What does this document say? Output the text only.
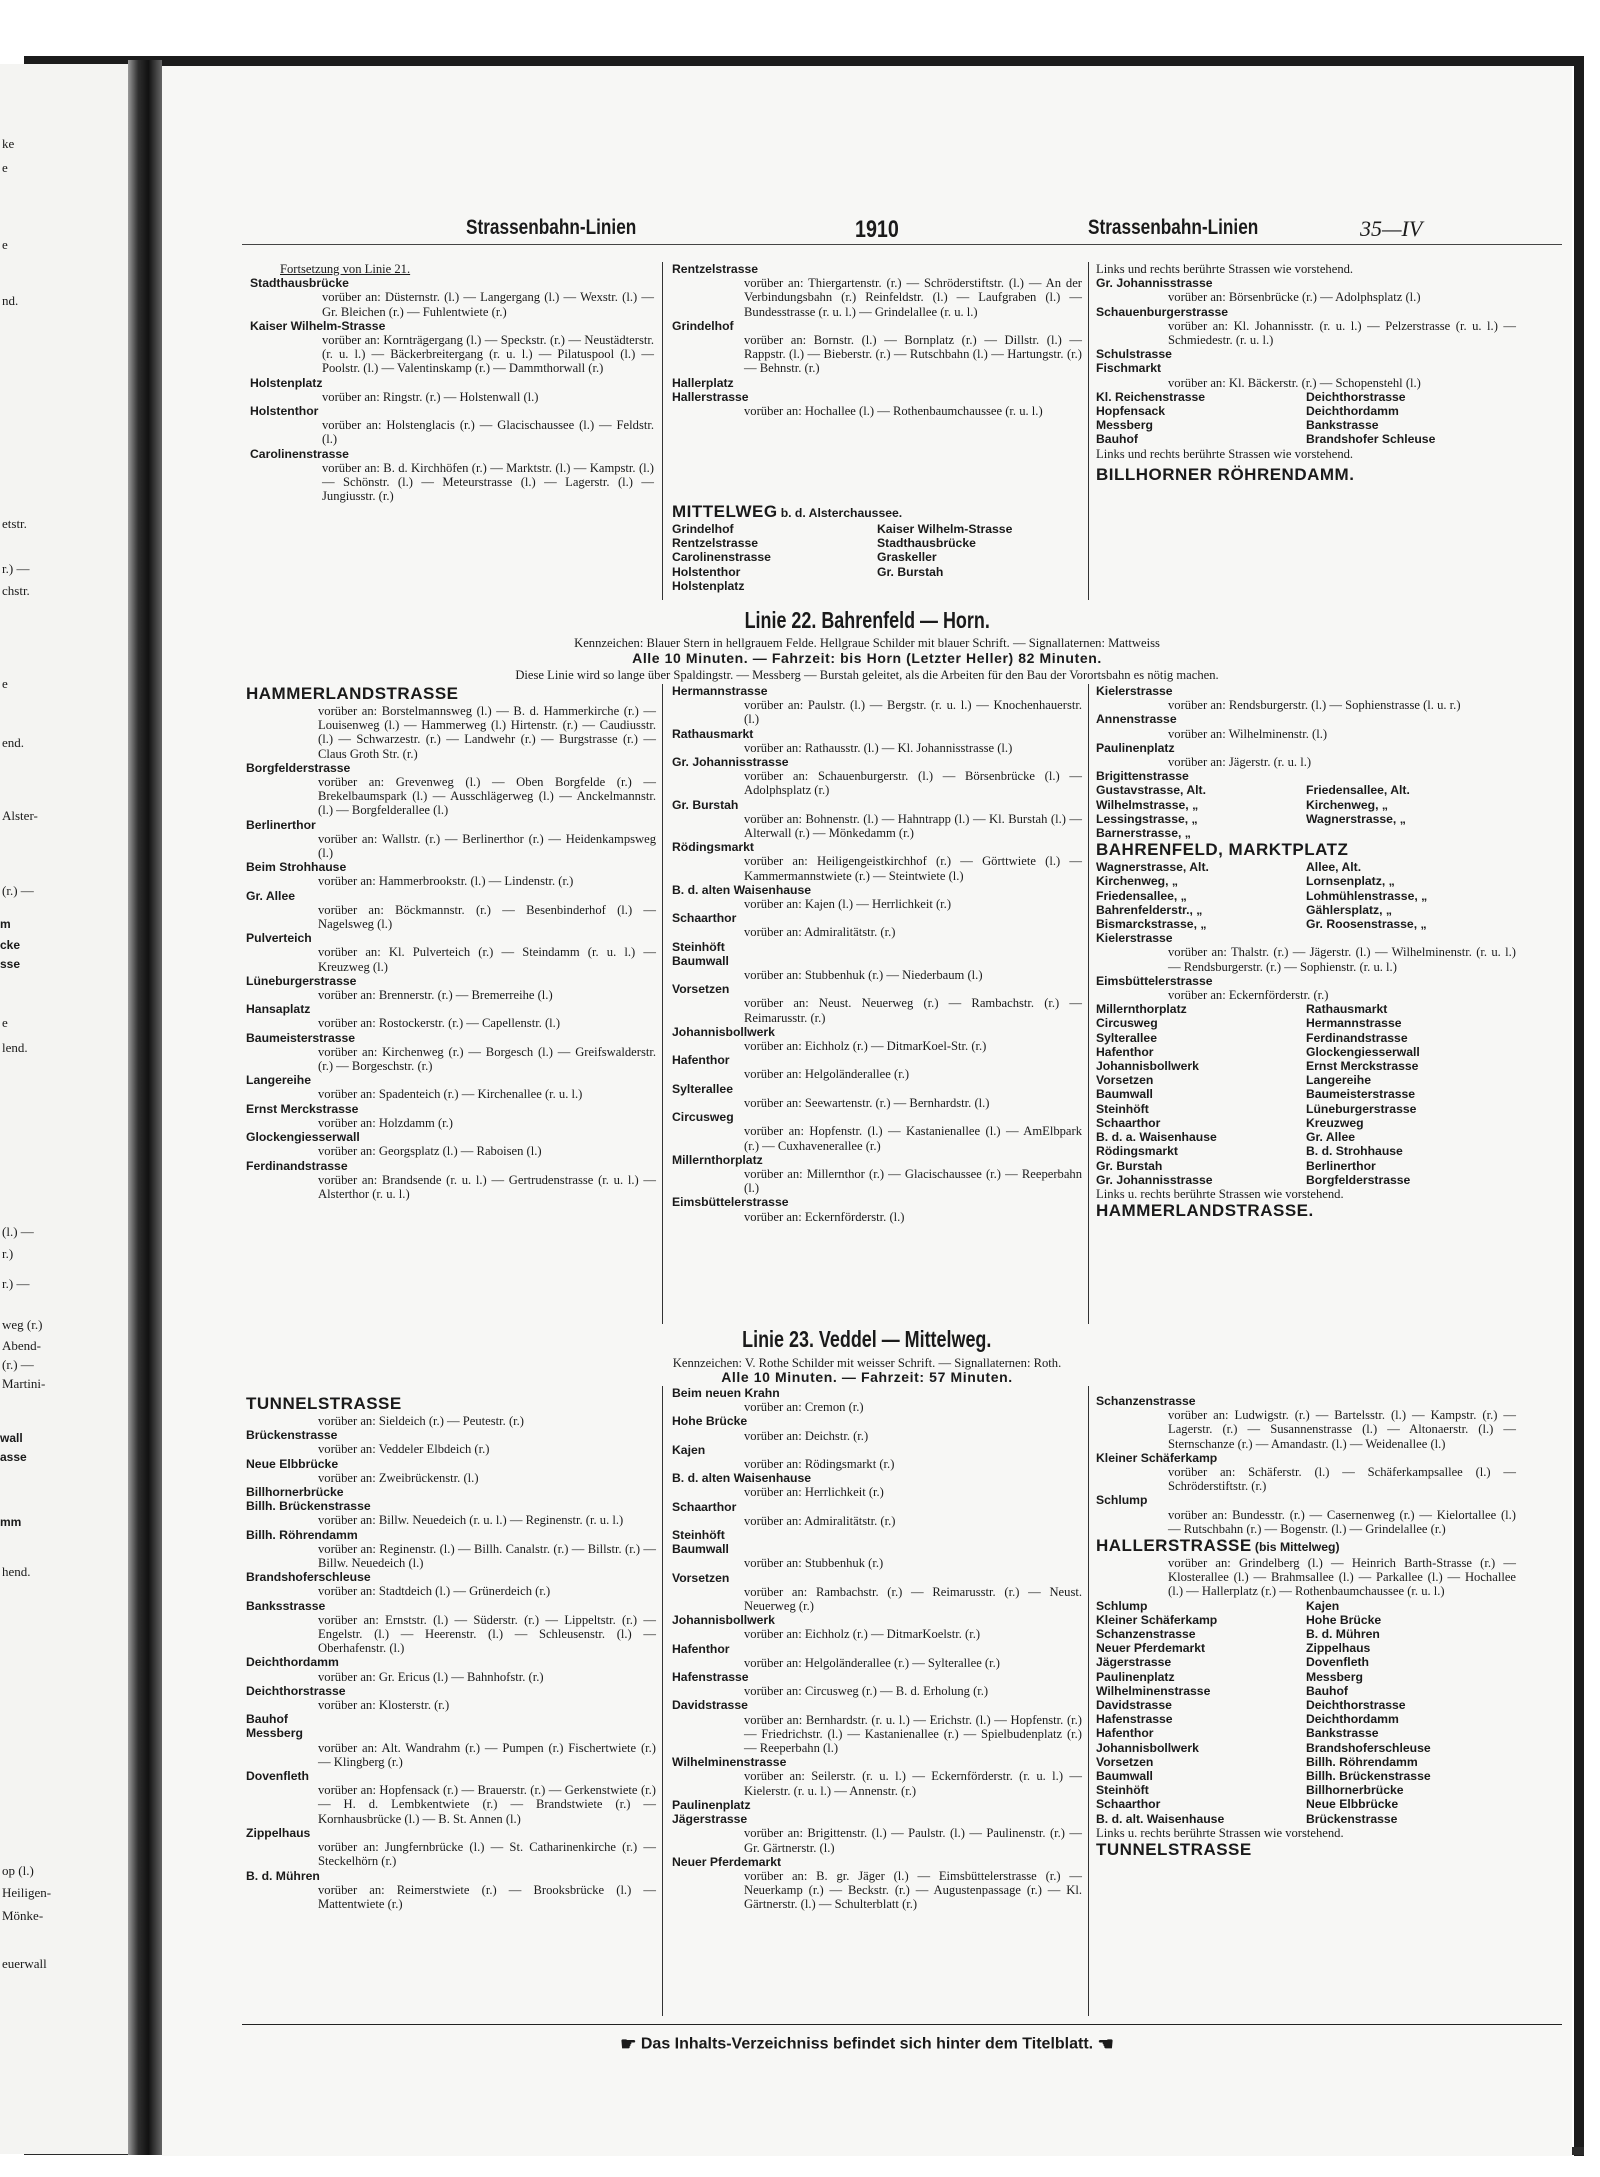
ke
e
e
nd.
etstr.
r.) —
chstr.
e
end.
Alster-
(r.) —
m
cke
sse
e
lend.
(l.) —
r.)
r.) —
weg (r.)
Abend-
(r.) —
Martini-
wall
asse
mm
hend.
op (l.)
Heiligen-
Mönke-
euerwall
Strassenbahn-Linien	1910	Strassenbahn-Linien	35—IV
Fortsetzung von Linie 21.
Stadthausbrücke
vorüber an: Düsternstr. (l.) — Langergang (l.) — Wexstr. (l.) — Gr. Bleichen (r.) — Fuhlentwiete (r.)
Kaiser Wilhelm-Strasse
vorüber an: Kornträgergang (l.) — Speckstr. (r.) — Neustädterstr. (r. u. l.) — Bäckerbreitergang (r. u. l.) — Pilatuspool (l.) — Poolstr. (l.) — Valentinskamp (r.) — Dammthorwall (r.)
Holstenplatz
vorüber an: Ringstr. (r.) — Holstenwall (l.)
Holstenthor
vorüber an: Holstenglacis (r.) — Glacischaussee (l.) — Feldstr. (l.)
Carolinenstrasse
vorüber an: B. d. Kirchhöfen (r.) — Marktstr. (l.) — Kampstr. (l.) — Schönstr. (l.) — Meteurstrasse (l.) — Lagerstr. (l.) — Jungiusstr. (r.)
Rentzelstrasse
vorüber an: Thiergartenstr. (r.) — Schröderstiftstr. (l.) — An der Verbindungsbahn (r.) Reinfeldstr. (l.) — Laufgraben (l.) — Bundesstrasse (r. u. l.) — Grindelallee (r. u. l.)
Grindelhof
vorüber an: Bornstr. (l.) — Bornplatz (r.) — Dillstr. (l.) — Rappstr. (l.) — Bieberstr. (r.) — Rutschbahn (l.) — Hartungstr. (r.) — Behnstr. (r.)
Hallerplatz
Hallerstrasse
vorüber an: Hochallee (l.) — Rothenbaumchaussee (r. u. l.)
MITTELWEG b. d. Alsterchaussee.
Grindelhof	Kaiser Wilhelm-Strasse
Rentzelstrasse	Stadthausbrücke
Carolinenstrasse	Graskeller
Holstenthor	Gr. Burstah
Holstenplatz
Links und rechts berührte Strassen wie vorstehend.
Gr. Johannisstrasse
vorüber an: Börsenbrücke (r.) — Adolphsplatz (l.)
Schauenburgerstrasse
vorüber an: Kl. Johannisstr. (r. u. l.) — Pelzerstrasse (r. u. l.) — Schmiedestr. (r. u. l.)
Schulstrasse
Fischmarkt
vorüber an: Kl. Bäckerstr. (r.) — Schopenstehl (l.)
Kl. Reichenstrasse	Deichthorstrasse
Hopfensack	Deichthordamm
Messberg	Bankstrasse
Bauhof	Brandshofer Schleuse
Links und rechts berührte Strassen wie vorstehend.
BILLHORNER RÖHRENDAMM.
Linie 22. Bahrenfeld — Horn.
Kennzeichen: Blauer Stern in hellgrauem Felde. Hellgraue Schilder mit blauer Schrift. — Signallaternen: Mattweiss
Alle 10 Minuten. — Fahrzeit: bis Horn (Letzter Heller) 82 Minuten.
Diese Linie wird so lange über Spaldingstr. — Messberg — Burstah geleitet, als die Arbeiten für den Bau der Vorortsbahn es nötig machen.
HAMMERLANDSTRASSE
vorüber an: Borstelmannsweg (l.) — B. d. Hammerkirche (r.) — Louisenweg (l.) — Hammerweg (l.) Hirtenstr. (r.) — Caudiusstr. (l.) — Schwarzestr. (r.) — Landwehr (r.) — Burgstrasse (r.) — Claus Groth Str. (r.)
Borgfelderstrasse
vorüber an: Grevenweg (l.) — Oben Borgfelde (r.) — Brekelbaumspark (l.) — Ausschlägerweg (l.) — Anckelmannstr. (l.) — Borgfelderallee (l.)
Berlinerthor
vorüber an: Wallstr. (r.) — Berlinerthor (r.) — Heidenkampsweg (l.)
Beim Strohhause
vorüber an: Hammerbrookstr. (l.) — Lindenstr. (r.)
Gr. Allee
vorüber an: Böckmannstr. (r.) — Besenbinderhof (l.) — Nagelsweg (l.)
Pulverteich
vorüber an: Kl. Pulverteich (r.) — Steindamm (r. u. l.) — Kreuzweg (l.)
Lüneburgerstrasse
vorüber an: Brennerstr. (r.) — Bremerreihe (l.)
Hansaplatz
vorüber an: Rostockerstr. (r.) — Capellenstr. (l.)
Baumeisterstrasse
vorüber an: Kirchenweg (r.) — Borgesch (l.) — Greifswalderstr. (r.) — Borgeschstr. (r.)
Langereihe
vorüber an: Spadenteich (r.) — Kirchenallee (r. u. l.)
Ernst Merckstrasse
vorüber an: Holzdamm (r.)
Glockengiesserwall
vorüber an: Georgsplatz (l.) — Raboisen (l.)
Ferdinandstrasse
vorüber an: Brandsende (r. u. l.) — Gertrudenstrasse (r. u. l.) — Alsterthor (r. u. l.)
Hermannstrasse
vorüber an: Paulstr. (l.) — Bergstr. (r. u. l.) — Knochenhauerstr. (l.)
Rathausmarkt
vorüber an: Rathausstr. (l.) — Kl. Johannisstrasse (l.)
Gr. Johannisstrasse
vorüber an: Schauenburgerstr. (l.) — Börsenbrücke (l.) — Adolphsplatz (r.)
Gr. Burstah
vorüber an: Bohnenstr. (l.) — Hahntrapp (l.) — Kl. Burstah (l.) — Alterwall (r.) — Mönkedamm (r.)
Rödingsmarkt
vorüber an: Heiligengeistkirchhof (r.) — Görttwiete (l.) — Kammermannstwiete (r.) — Steintwiete (l.)
B. d. alten Waisenhause
vorüber an: Kajen (l.) — Herrlichkeit (r.)
Schaarthor
vorüber an: Admiralitätstr. (r.)
Steinhöft
Baumwall
vorüber an: Stubbenhuk (r.) — Niederbaum (l.)
Vorsetzen
vorüber an: Neust. Neuerweg (r.) — Rambachstr. (r.) — Reimarusstr. (r.)
Johannisbollwerk
vorüber an: Eichholz (r.) — DitmarKoel-Str. (r.)
Hafenthor
vorüber an: Helgoländerallee (r.)
Sylterallee
vorüber an: Seewartenstr. (r.) — Bernhardstr. (l.)
Circusweg
vorüber an: Hopfenstr. (l.) — Kastanienallee (l.) — AmElbpark (r.) — Cuxhavenerallee (r.)
Millernthorplatz
vorüber an: Millernthor (r.) — Glacischaussee (r.) — Reeperbahn (l.)
Eimsbüttelerstrasse
vorüber an: Eckernförderstr. (l.)
Kielerstrasse
vorüber an: Rendsburgerstr. (l.) — Sophienstrasse (l. u. r.)
Annenstrasse
vorüber an: Wilhelminenstr. (l.)
Paulinenplatz
vorüber an: Jägerstr. (r. u. l.)
Brigittenstrasse
Gustavstrasse, Alt.	Friedensallee, Alt.
Wilhelmstrasse, „	Kirchenweg, „
Lessingstrasse, „	Wagnerstrasse, „
Barnerstrasse, „
BAHRENFELD, MARKTPLATZ
Wagnerstrasse, Alt.	Allee, Alt.
Kirchenweg, „	Lornsenplatz, „
Friedensallee, „	Lohmühlenstrasse, „
Bahrenfelderstr., „	Gählersplatz, „
Bismarckstrasse, „	Gr. Roosenstrasse, „
Kielerstrasse
vorüber an: Thalstr. (r.) — Jägerstr. (l.) — Wilhelminenstr. (r. u. l.) — Rendsburgerstr. (r.) — Sophienstr. (r. u. l.)
Eimsbüttelerstrasse
vorüber an: Eckernförderstr. (r.)
Millernthorplatz	Rathausmarkt
Circusweg	Hermannstrasse
Sylterallee	Ferdinandstrasse
Hafenthor	Glockengiesserwall
Johannisbollwerk	Ernst Merckstrasse
Vorsetzen	Langereihe
Baumwall	Baumeisterstrasse
Steinhöft	Lüneburgerstrasse
Schaarthor	Kreuzweg
B. d. a. Waisenhause	Gr. Allee
Rödingsmarkt	B. d. Strohhause
Gr. Burstah	Berlinerthor
Gr. Johannisstrasse	Borgfelderstrasse
Links u. rechts berührte Strassen wie vorstehend.
HAMMERLANDSTRASSE.
Linie 23. Veddel — Mittelweg.
Kennzeichen: V. Rothe Schilder mit weisser Schrift. — Signallaternen: Roth.
Alle 10 Minuten. — Fahrzeit: 57 Minuten.
TUNNELSTRASSE
vorüber an: Sieldeich (r.) — Peutestr. (r.)
Brückenstrasse
vorüber an: Veddeler Elbdeich (r.)
Neue Elbbrücke
vorüber an: Zweibrückenstr. (l.)
Billhornerbrücke
Billh. Brückenstrasse
vorüber an: Billw. Neuedeich (r. u. l.) — Reginenstr. (r. u. l.)
Billh. Röhrendamm
vorüber an: Reginenstr. (l.) — Billh. Canalstr. (r.) — Billstr. (r.) — Billw. Neuedeich (l.)
Brandshoferschleuse
vorüber an: Stadtdeich (l.) — Grünerdeich (r.)
Banksstrasse
vorüber an: Ernststr. (l.) — Süderstr. (r.) — Lippeltstr. (r.) — Engelstr. (l.) — Heerenstr. (l.) — Schleusenstr. (l.) — Oberhafenstr. (l.)
Deichthordamm
vorüber an: Gr. Ericus (l.) — Bahnhofstr. (r.)
Deichthorstrasse
vorüber an: Klosterstr. (r.)
Bauhof
Messberg
vorüber an: Alt. Wandrahm (r.) — Pumpen (r.) Fischertwiete (r.) — Klingberg (r.)
Dovenfleth
vorüber an: Hopfensack (r.) — Brauerstr. (r.) — Gerkenstwiete (r.) — H. d. Lembkentwiete (r.) — Brandstwiete (r.) — Kornhausbrücke (l.) — B. St. Annen (l.)
Zippelhaus
vorüber an: Jungfernbrücke (l.) — St. Catharinenkirche (r.) — Steckelhörn (r.)
B. d. Mühren
vorüber an: Reimerstwiete (r.) — Brooksbrücke (l.) — Mattentwiete (r.)
Beim neuen Krahn
vorüber an: Cremon (r.)
Hohe Brücke
vorüber an: Deichstr. (r.)
Kajen
vorüber an: Rödingsmarkt (r.)
B. d. alten Waisenhause
vorüber an: Herrlichkeit (r.)
Schaarthor
vorüber an: Admiralitätstr. (r.)
Steinhöft
Baumwall
vorüber an: Stubbenhuk (r.)
Vorsetzen
vorüber an: Rambachstr. (r.) — Reimarusstr. (r.) — Neust. Neuerweg (r.)
Johannisbollwerk
vorüber an: Eichholz (r.) — DitmarKoelstr. (r.)
Hafenthor
vorüber an: Helgoländerallee (r.) — Sylterallee (r.)
Hafenstrasse
vorüber an: Circusweg (r.) — B. d. Erholung (r.)
Davidstrasse
vorüber an: Bernhardstr. (r. u. l.) — Erichstr. (l.) — Hopfenstr. (r.) — Friedrichstr. (l.) — Kastanienallee (r.) — Spielbudenplatz (r.) — Reeperbahn (l.)
Wilhelminenstrasse
vorüber an: Seilerstr. (r. u. l.) — Eckernförderstr. (r. u. l.) — Kielerstr. (r. u. l.) — Annenstr. (r.)
Paulinenplatz
Jägerstrasse
vorüber an: Brigittenstr. (l.) — Paulstr. (l.) — Paulinenstr. (r.) — Gr. Gärtnerstr. (l.)
Neuer Pferdemarkt
vorüber an: B. gr. Jäger (l.) — Eimsbüttelerstrasse (r.) — Neuerkamp (r.) — Beckstr. (r.) — Augustenpassage (r.) — Kl. Gärtnerstr. (l.) — Schulterblatt (r.)
Schanzenstrasse
vorüber an: Ludwigstr. (r.) — Bartelsstr. (l.) — Kampstr. (r.) — Lagerstr. (r.) — Susannenstrasse (l.) — Altonaerstr. (l.) — Sternschanze (r.) — Amandastr. (l.) — Weidenallee (l.)
Kleiner Schäferkamp
vorüber an: Schäferstr. (l.) — Schäferkampsallee (l.) — Schröderstiftstr. (r.)
Schlump
vorüber an: Bundesstr. (r.) — Casernenweg (r.) — Kielortallee (l.) — Rutschbahn (r.) — Bogenstr. (l.) — Grindelallee (r.)
HALLERSTRASSE (bis Mittelweg)
vorüber an: Grindelberg (l.) — Heinrich Barth-Strasse (r.) — Klosterallee (l.) — Brahmsallee (l.) — Parkallee (l.) — Hochallee (l.) — Hallerplatz (r.) — Rothenbaumchaussee (r. u. l.)
Schlump	Kajen
Kleiner Schäferkamp	Hohe Brücke
Schanzenstrasse	B. d. Mühren
Neuer Pferdemarkt	Zippelhaus
Jägerstrasse	Dovenfleth
Paulinenplatz	Messberg
Wilhelminenstrasse	Bauhof
Davidstrasse	Deichthorstrasse
Hafenstrasse	Deichthordamm
Hafenthor	Bankstrasse
Johannisbollwerk	Brandshoferschleuse
Vorsetzen	Billh. Röhrendamm
Baumwall	Billh. Brückenstrasse
Steinhöft	Billhornerbrücke
Schaarthor	Neue Elbbrücke
B. d. alt. Waisenhause	Brückenstrasse
Links u. rechts berührte Strassen wie vorstehend.
TUNNELSTRASSE
☛ Das Inhalts-Verzeichniss befindet sich hinter dem Titelblatt. ☚
